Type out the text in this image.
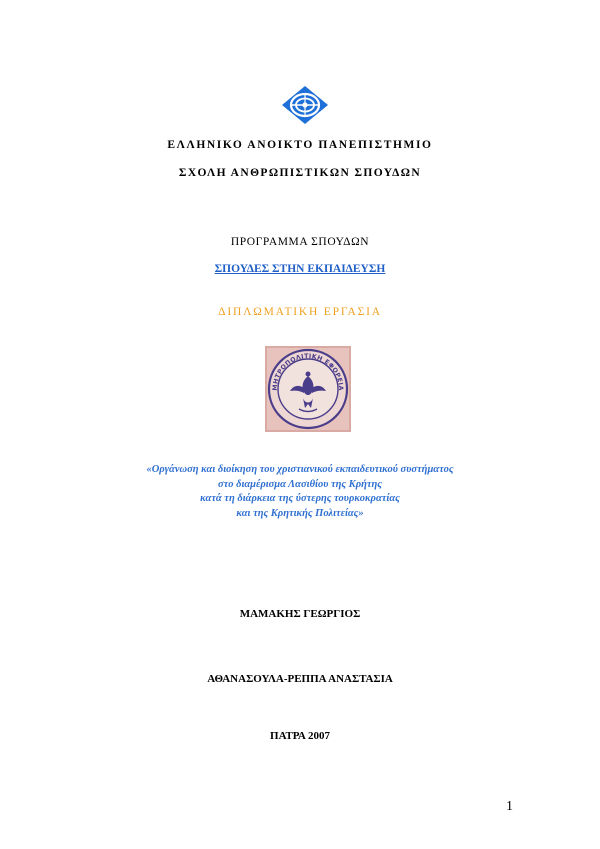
ΕΛΛΗΝΙΚΟ ΑΝΟΙΚΤΟ ΠΑΝΕΠΙΣΤΗΜΙΟ
ΣΧΟΛΗ ΑΝΘΡΩΠΙΣΤΙΚΩΝ ΣΠΟΥΔΩΝ
ΠΡΟΓΡΑΜΜΑ ΣΠΟΥΔΩΝ
ΣΠΟΥΔΕΣ ΣΤΗΝ ΕΚΠΑΙΔΕΥΣΗ
ΔΙΠΛΩΜΑΤΙΚΗ ΕΡΓΑΣΙΑ
ΜΗΤΡΟΠΟΛΙΤΙΚΗ ΕΦΟΡΕΙΑ
«Οργάνωση και διοίκηση του χριστιανικού εκπαιδευτικού συστήματος
στο διαμέρισμα Λασιθίου της Κρήτης
κατά τη διάρκεια της ύστερης τουρκοκρατίας
και της Κρητικής Πολιτείας»
ΜΑΜΑΚΗΣ ΓΕΩΡΓΙΟΣ
ΑΘΑΝΑΣΟΥΛΑ-ΡΕΠΠΑ ΑΝΑΣΤΑΣΙΑ
ΠΑΤΡΑ 2007
1
